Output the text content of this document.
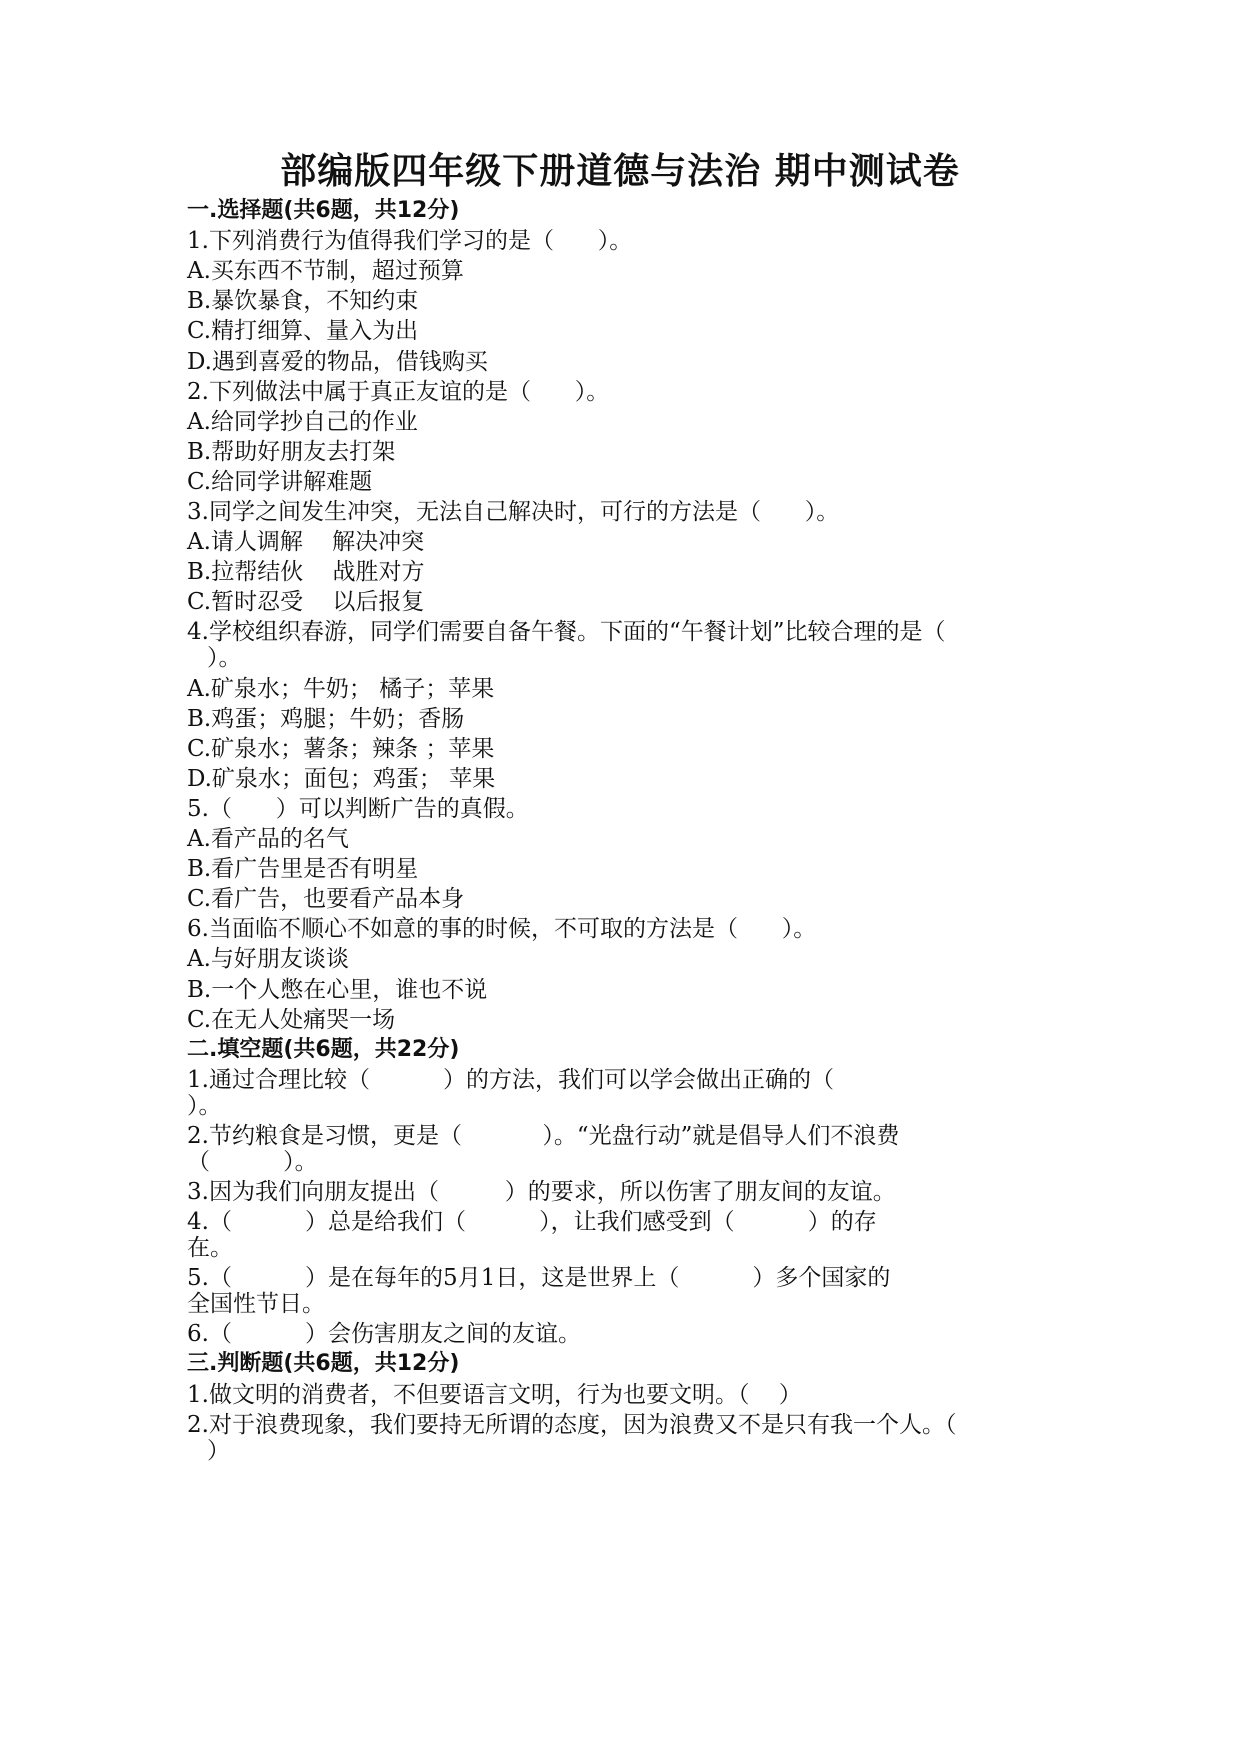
部编版四年级下册道德与法治 期中测试卷
一.选择题(共6题，共12分)
1.下列消费行为值得我们学习的是（      ）。
A.买东西不节制，超过预算
B.暴饮暴食，不知约束
C.精打细算、量入为出
D.遇到喜爱的物品，借钱购买
2.下列做法中属于真正友谊的是（      ）。
A.给同学抄自己的作业
B.帮助好朋友去打架
C.给同学讲解难题
3.同学之间发生冲突，无法自己解决时，可行的方法是（      ）。
A.请人调解    解决冲突
B.拉帮结伙    战胜对方
C.暂时忍受    以后报复
4.学校组织春游，同学们需要自备午餐。下面的“午餐计划”比较合理的是（
）。
A.矿泉水；牛奶； 橘子；苹果
B.鸡蛋；鸡腿；牛奶；香肠
C.矿泉水；薯条；辣条 ；苹果
D.矿泉水；面包；鸡蛋； 苹果
5.（      ）可以判断广告的真假。
A.看产品的名气
B.看广告里是否有明星
C.看广告，也要看产品本身
6.当面临不顺心不如意的事的时候，不可取的方法是（      ）。
A.与好朋友谈谈
B.一个人憋在心里，谁也不说
C.在无人处痛哭一场
二.填空题(共6题，共22分)
1.通过合理比较（          ）的方法，我们可以学会做出正确的（
）。
2.节约粮食是习惯，更是（           ）。“光盘行动”就是倡导人们不浪费
（          ）。
3.因为我们向朋友提出（         ）的要求，所以伤害了朋友间的友谊。
4.（          ）总是给我们（          ），让我们感受到（          ）的存
在。
5.（          ）是在每年的5月1日，这是世界上（          ）多个国家的
全国性节日。
6.（          ）会伤害朋友之间的友谊。
三.判断题(共6题，共12分)
1.做文明的消费者，不但要语言文明，行为也要文明。（    ）
2.对于浪费现象，我们要持无所谓的态度，因为浪费又不是只有我一个人。（
）
